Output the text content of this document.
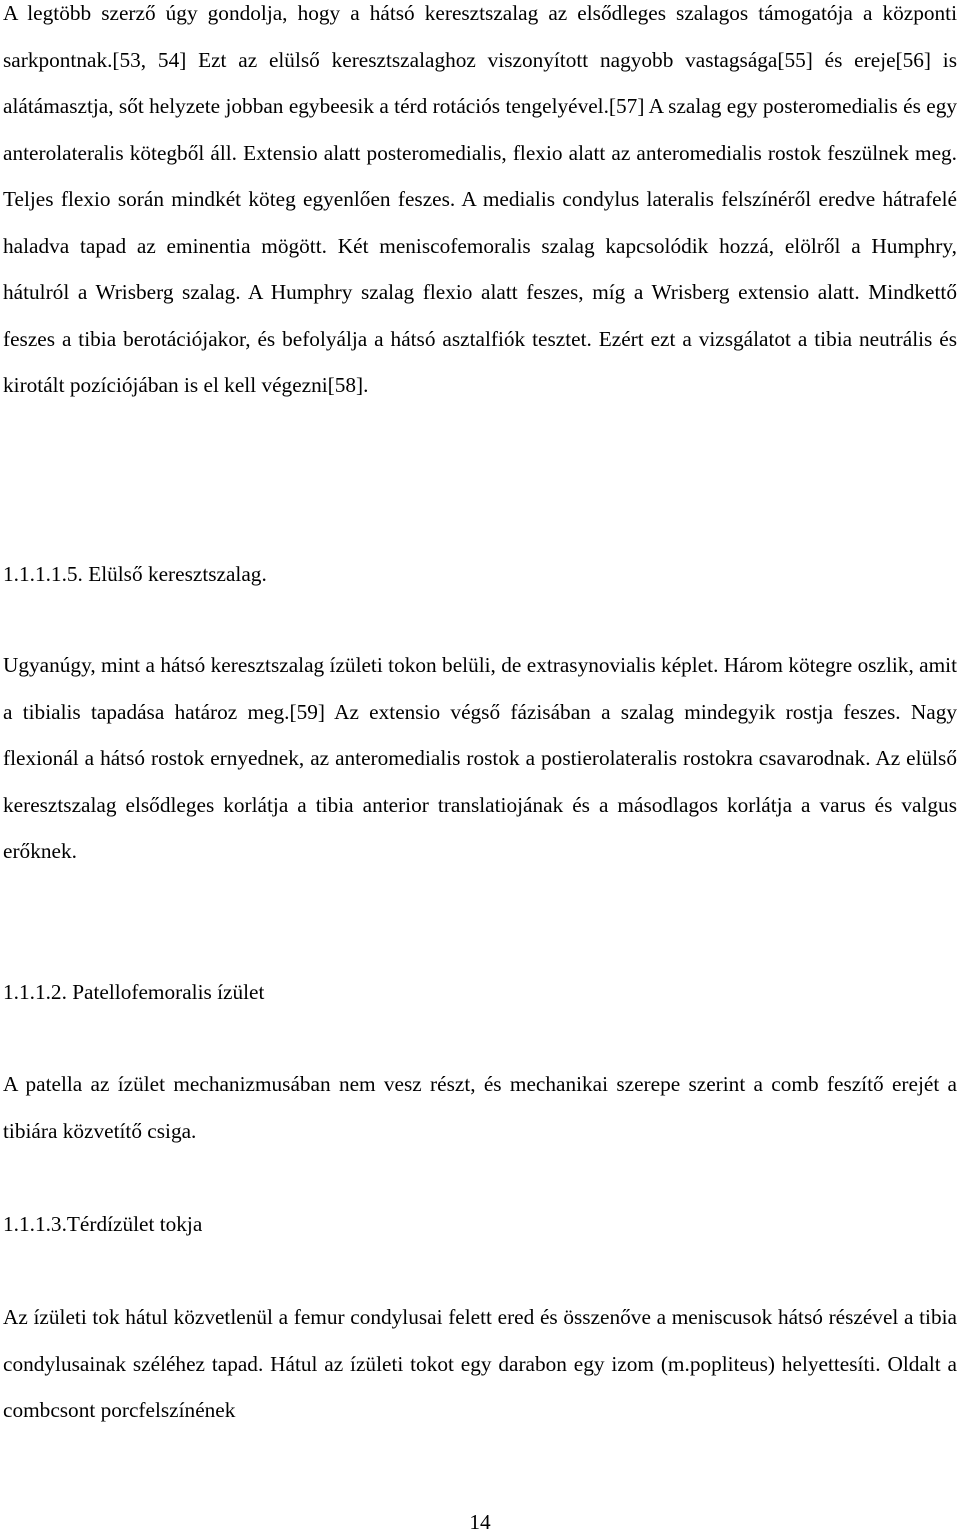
A legtöbb szerző úgy gondolja, hogy a hátsó keresztszalag az elsődleges szalagos támogatója a központi sarkpontnak.[53, 54] Ezt az elülső keresztszalaghoz viszonyított nagyobb vastagsága[55] és ereje[56] is alátámasztja, sőt helyzete jobban egybeesik a térd rotációs tengelyével.[57] A szalag egy posteromedialis és egy anterolateralis kötegből áll. Extensio alatt posteromedialis, flexio alatt az anteromedialis rostok feszülnek meg. Teljes flexio során mindkét köteg egyenlően feszes. A medialis condylus lateralis felszínéről eredve hátrafelé haladva tapad az eminentia mögött. Két meniscofemoralis szalag kapcsolódik hozzá, elölről a Humphry, hátulról a Wrisberg szalag. A Humphry szalag flexio alatt feszes, míg a Wrisberg extensio alatt. Mindkettő feszes a tibia berotációjakor, és befolyálja a hátsó asztalfiók tesztet. Ezért ezt a vizsgálatot a tibia neutrális és kirotált pozíciójában is el kell végezni[58].

1.1.1.1.5. Elülső keresztszalag.

Ugyanúgy, mint a hátsó keresztszalag ízületi tokon belüli, de extrasynovialis képlet. Három kötegre oszlik, amit a tibialis tapadása határoz meg.[59] Az extensio végső fázisában a szalag mindegyik rostja feszes. Nagy flexionál a hátsó rostok ernyednek, az anteromedialis rostok a postierolateralis rostokra csavarodnak. Az elülső keresztszalag elsődleges korlátja a tibia anterior translatiojának és a másodlagos korlátja a varus és valgus erőknek.

1.1.1.2. Patellofemoralis ízület

A patella az ízület mechanizmusában nem vesz részt, és mechanikai szerepe szerint a comb feszítő erejét a tibiára közvetítő csiga.

1.1.1.3.Térdízület tokja

Az ízületi tok hátul közvetlenül a femur condylusai felett ered és összenőve a meniscusok hátsó részével a tibia condylusainak széléhez tapad. Hátul az ízületi tokot egy darabon egy izom (m.popliteus) helyettesíti. Oldalt a combcsont porcfelszínének

14
